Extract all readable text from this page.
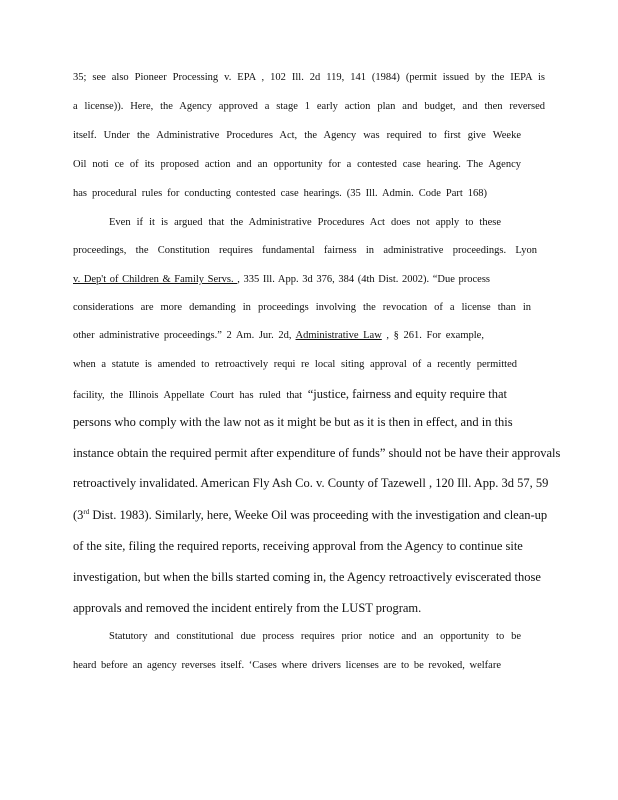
35; see also Pioneer Processing v. EPA , 102 Ill. 2d 119, 141 (1984) (permit issued by the IEPA is
a license)). Here, the Agency approved a stage 1 early action plan and budget, and then reversed
itself. Under the Administrative Procedures Act, the Agency was required to first give Weeke
Oil noti ce of its proposed action and an opportunity for a contested case hearing. The Agency
has procedural rules for conducting contested case hearings. (35 Ill. Admin. Code Part 168)
Even if it is argued that the Administrative Procedures Act does not apply to these
proceedings, the Constitution requires fundamental fairness in administrative proceedings. Lyon
v. Dep't of Children & Family Servs. , 335 Ill. App. 3d 376, 384 (4th Dist. 2002). “Due process
considerations are more demanding in proceedings involving the revocation of a license than in
other administrative proceedings.” 2 Am. Jur. 2d, Administrative Law , § 261. For example,
when a statute is amended to retroactively requi re local siting approval of a recently permitted
facility, the Illinois Appellate Court has ruled that “justice, fairness and equity require that
persons who comply with the law not as it might be but as it is then in effect, and in this
instance obtain the required permit after expenditure of funds” should not be have their approvals
retroactively invalidated. American Fly Ash Co. v. County of Tazewell , 120 Ill. App. 3d 57, 59
(3rd Dist. 1983). Similarly, here, Weeke Oil was proceeding with the investigation and clean-up
of the site, filing the required reports, receiving approval from the Agency to continue site
investigation, but when the bills started coming in, the Agency retroactively eviscerated those
approvals and removed the incident entirely from the LUST program.
Statutory and constitutional due process requires prior notice and an opportunity to be
heard before an agency reverses itself. ‘Cases where drivers licenses are to be revoked, welfare
